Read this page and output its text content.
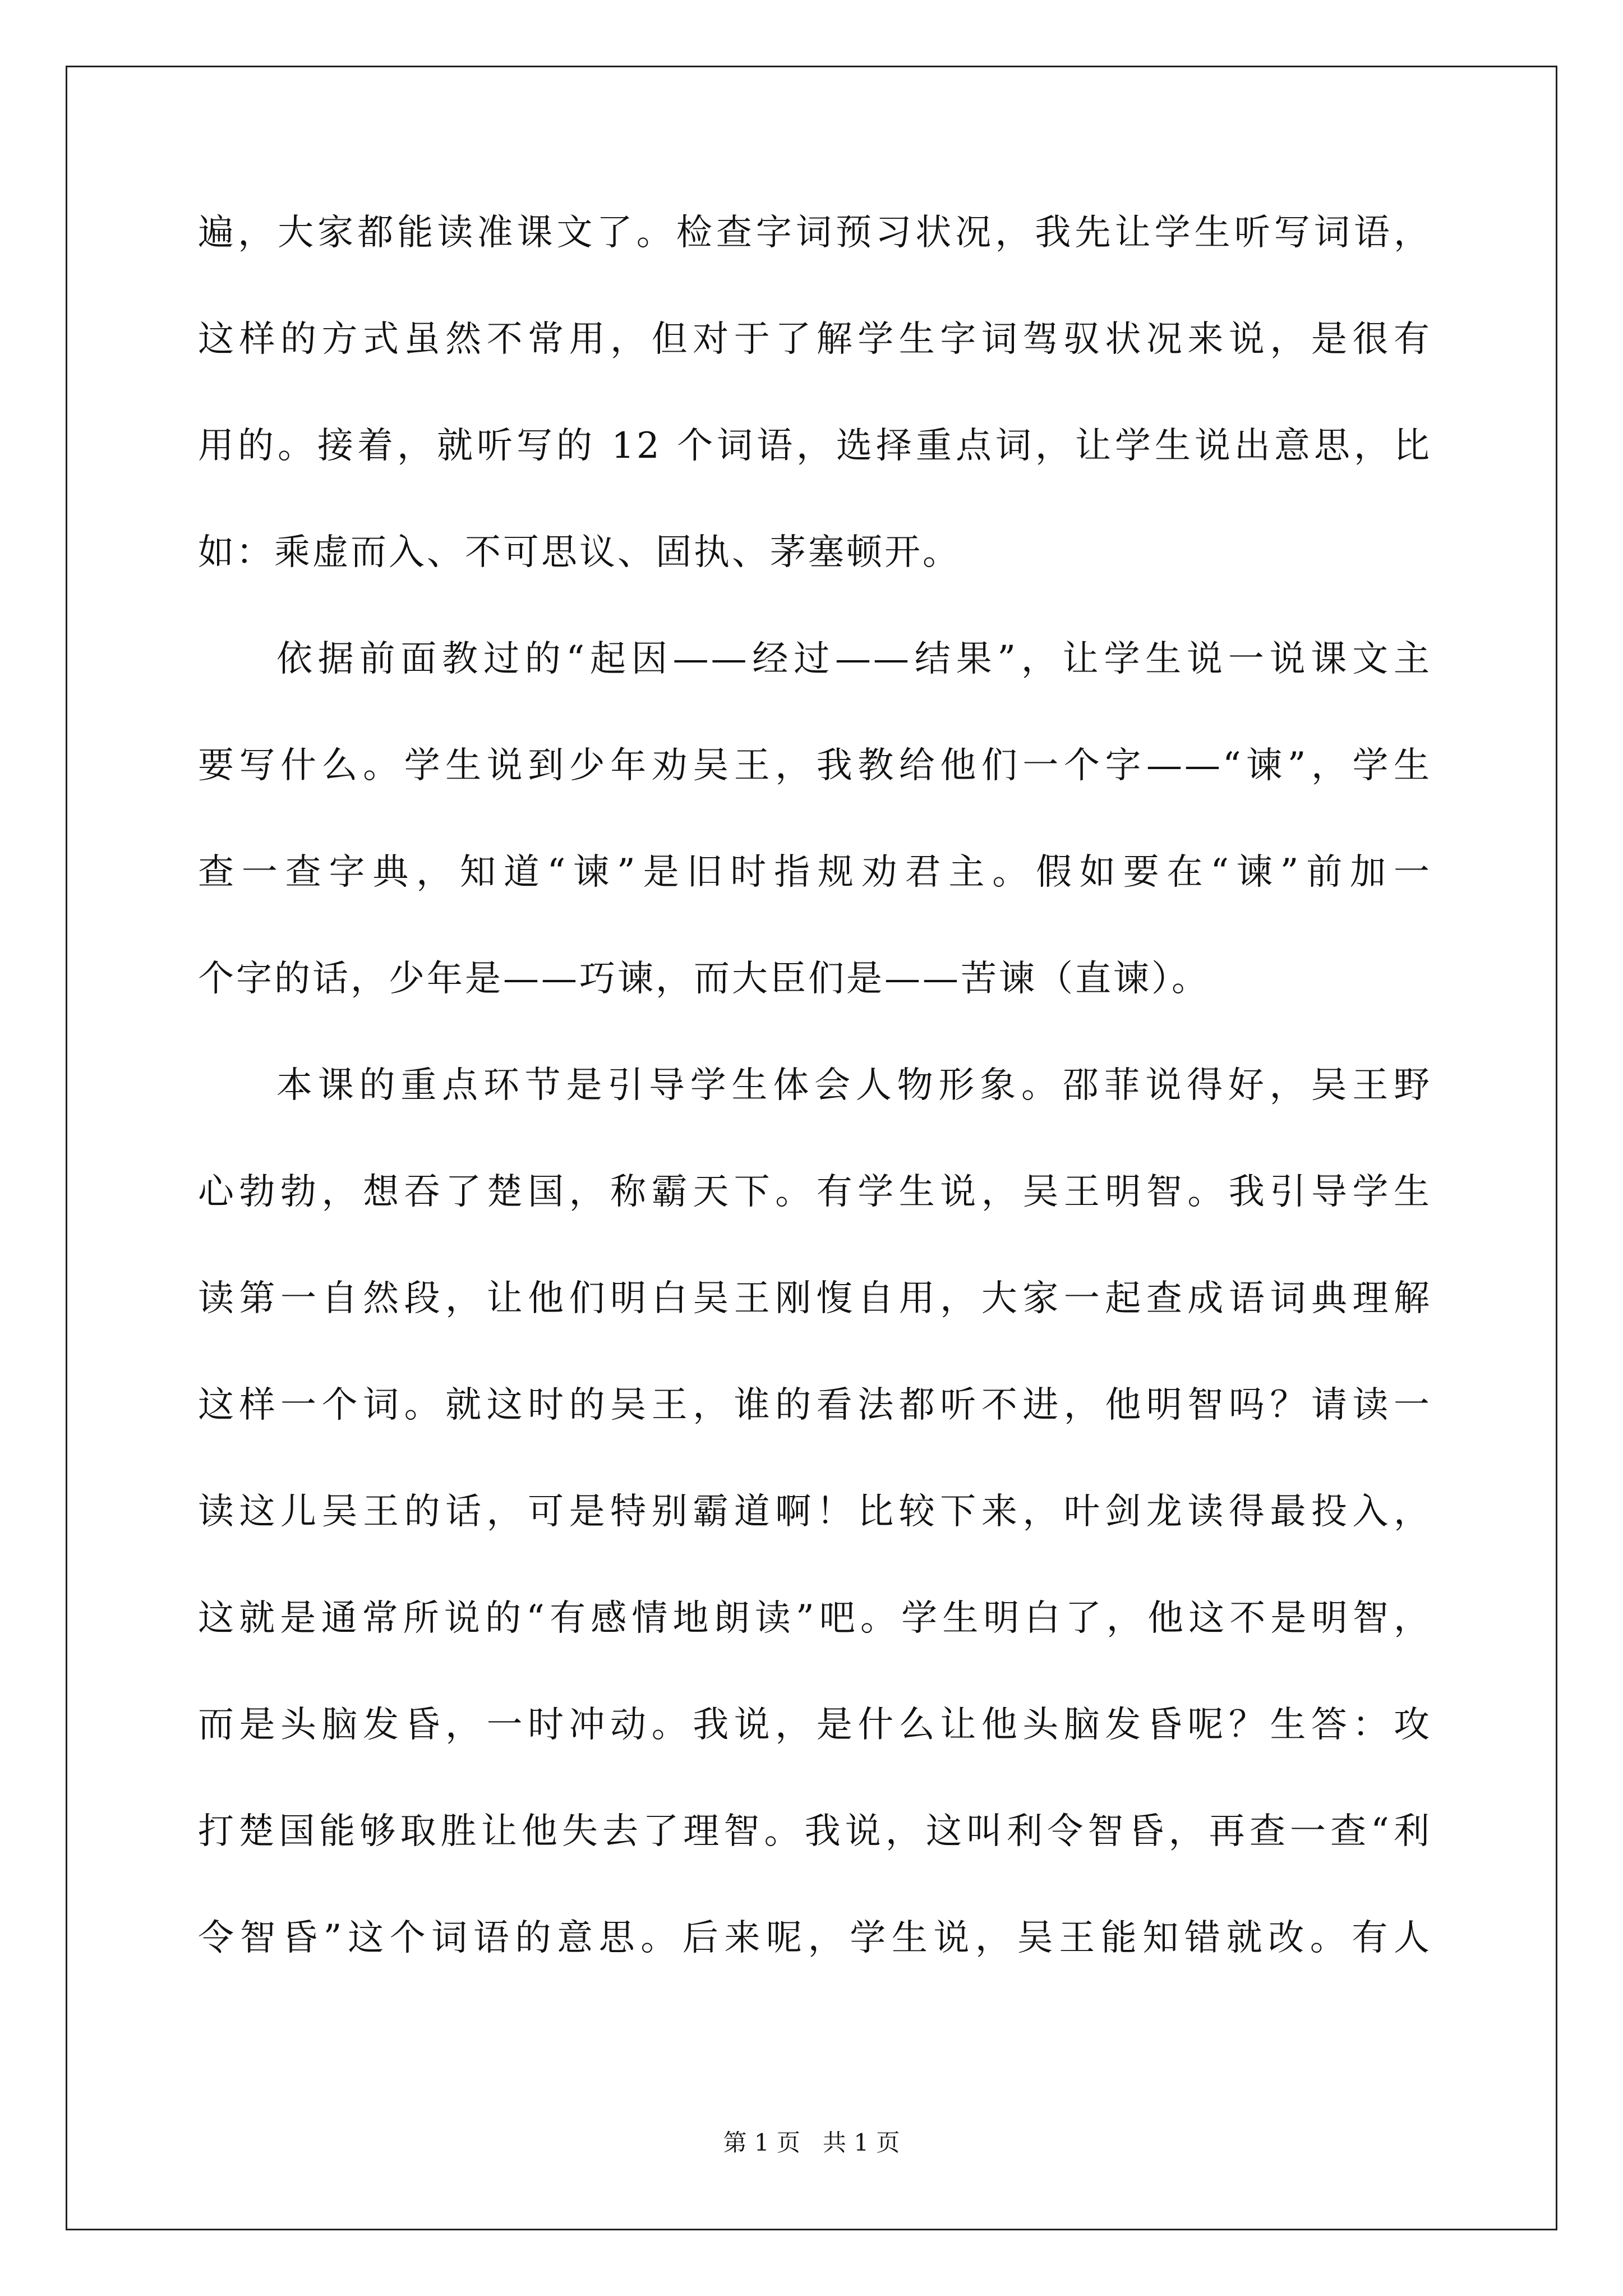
遍，大家都能读准课文了。检查字词预习状况，我先让学生听写词语，
这样的方式虽然不常用，但对于了解学生字词驾驭状况来说，是很有
用的。接着，就听写的 12 个词语，选择重点词，让学生说出意思，比
如：乘虚而入、不可思议、固执、茅塞顿开。
依据前面教过的“起因——经过——结果”，让学生说一说课文主
要写什么。学生说到少年劝吴王，我教给他们一个字——“谏”，学生
查一查字典，知道“谏”是旧时指规劝君主。假如要在“谏”前加一
个字的话，少年是——巧谏，而大臣们是——苦谏（直谏）。
本课的重点环节是引导学生体会人物形象。邵菲说得好，吴王野
心勃勃，想吞了楚国，称霸天下。有学生说，吴王明智。我引导学生
读第一自然段，让他们明白吴王刚愎自用，大家一起查成语词典理解
这样一个词。就这时的吴王，谁的看法都听不进，他明智吗？请读一
读这儿吴王的话，可是特别霸道啊！比较下来，叶剑龙读得最投入，
这就是通常所说的“有感情地朗读”吧。学生明白了，他这不是明智，
而是头脑发昏，一时冲动。我说，是什么让他头脑发昏呢？生答：攻
打楚国能够取胜让他失去了理智。我说，这叫利令智昏，再查一查“利
令智昏”这个词语的意思。后来呢，学生说，吴王能知错就改。有人
第 1 页 共 1 页
